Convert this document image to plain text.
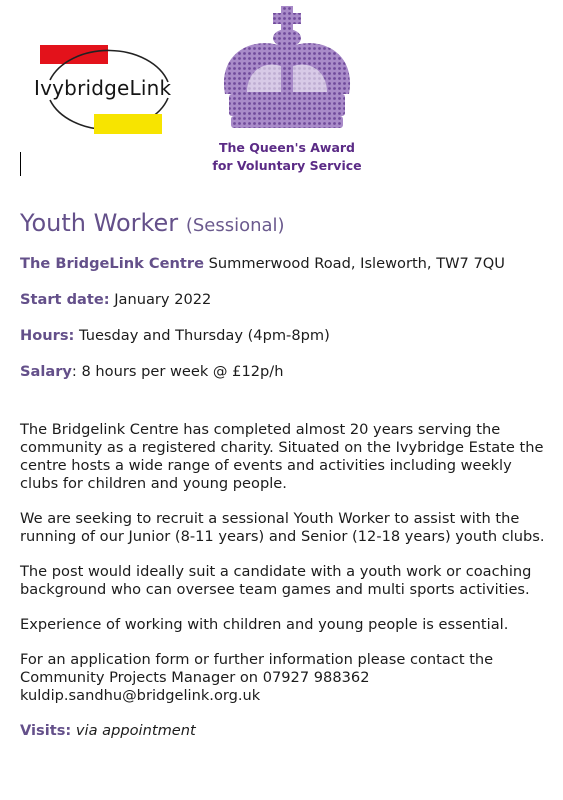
IvybridgeLink
The Queen's Award
for Voluntary Service
Youth Worker (Sessional)

The BridgeLink Centre Summerwood Road, Isleworth, TW7 7QU

Start date: January 2022

Hours: Tuesday and Thursday (4pm-8pm)

Salary: 8 hours per week @ £12p/h

The Bridgelink Centre has completed almost 20 years serving the community as a registered charity. Situated on the Ivybridge Estate the centre hosts a wide range of events and activities including weekly clubs for children and young people.

We are seeking to recruit a sessional Youth Worker to assist with the running of our Junior (8-11 years) and Senior (12-18 years) youth clubs.

The post would ideally suit a candidate with a youth work or coaching background who can oversee team games and multi sports activities.

Experience of working with children and young people is essential.

For an application form or further information please contact the Community Projects Manager on 07927 988362 kuldip.sandhu@bridgelink.org.uk

Visits: via appointment
